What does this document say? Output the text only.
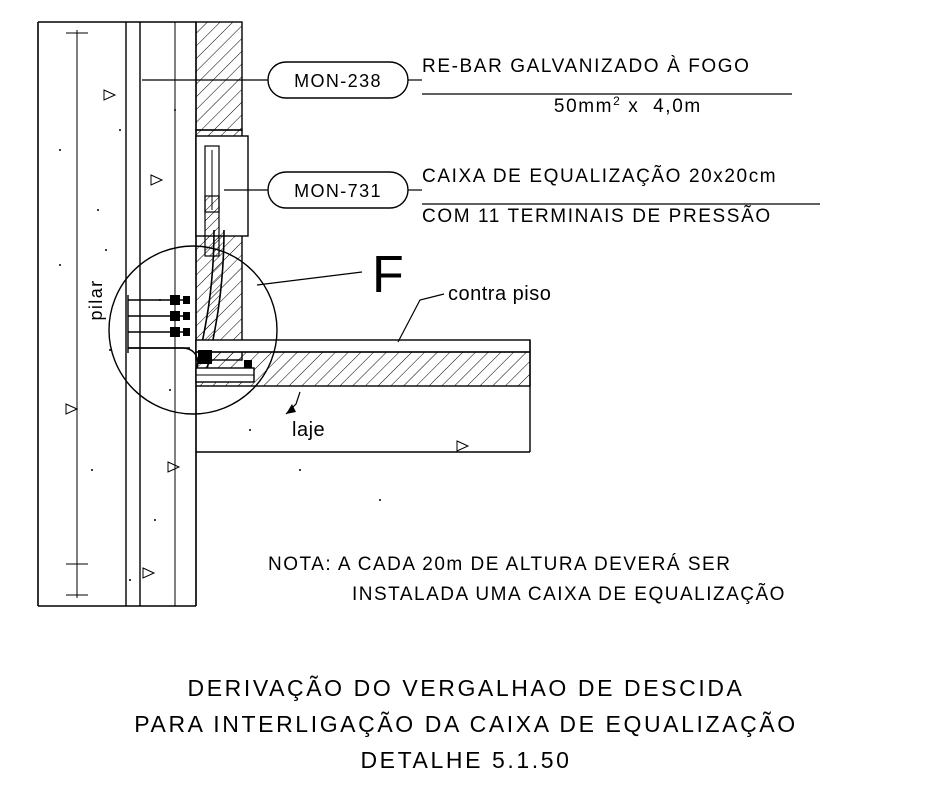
MON-238
MON-731
RE-BAR GALVANIZADO À FOGO
$50mm^2$ x  4,0m
CAIXA DE EQUALIZAÇÃO 20x20cm
COM 11 TERMINAIS DE PRESSÃO
F contra piso
laje
pilar
NOTA: A CADA 20m DE ALTURA DEVERÁ SER
INSTALADA UMA CAIXA DE EQUALIZAÇÃO
DERIVAÇÃO DO VERGALHAO DE DESCIDA
PARA INTERLIGAÇÃO DA CAIXA DE EQUALIZAÇÃO
DETALHE 5.1.50
